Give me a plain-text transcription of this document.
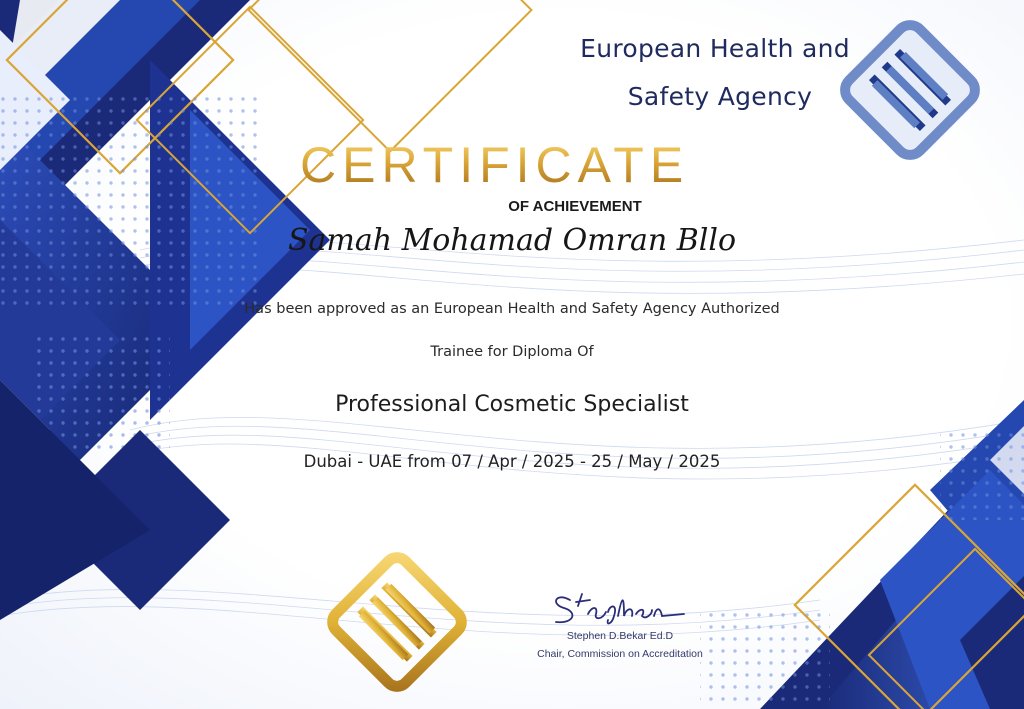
European Health and
Safety Agency
CERTIFICATE
OF ACHIEVEMENT
Samah Mohamad Omran Bllo
Has been approved as an European Health and Safety Agency Authorized
Trainee for Diploma Of
Professional Cosmetic Specialist
Dubai - UAE from 07 / Apr / 2025 - 25 / May / 2025
Stephen D.Bekar Ed.D
Chair, Commission on Accreditation
